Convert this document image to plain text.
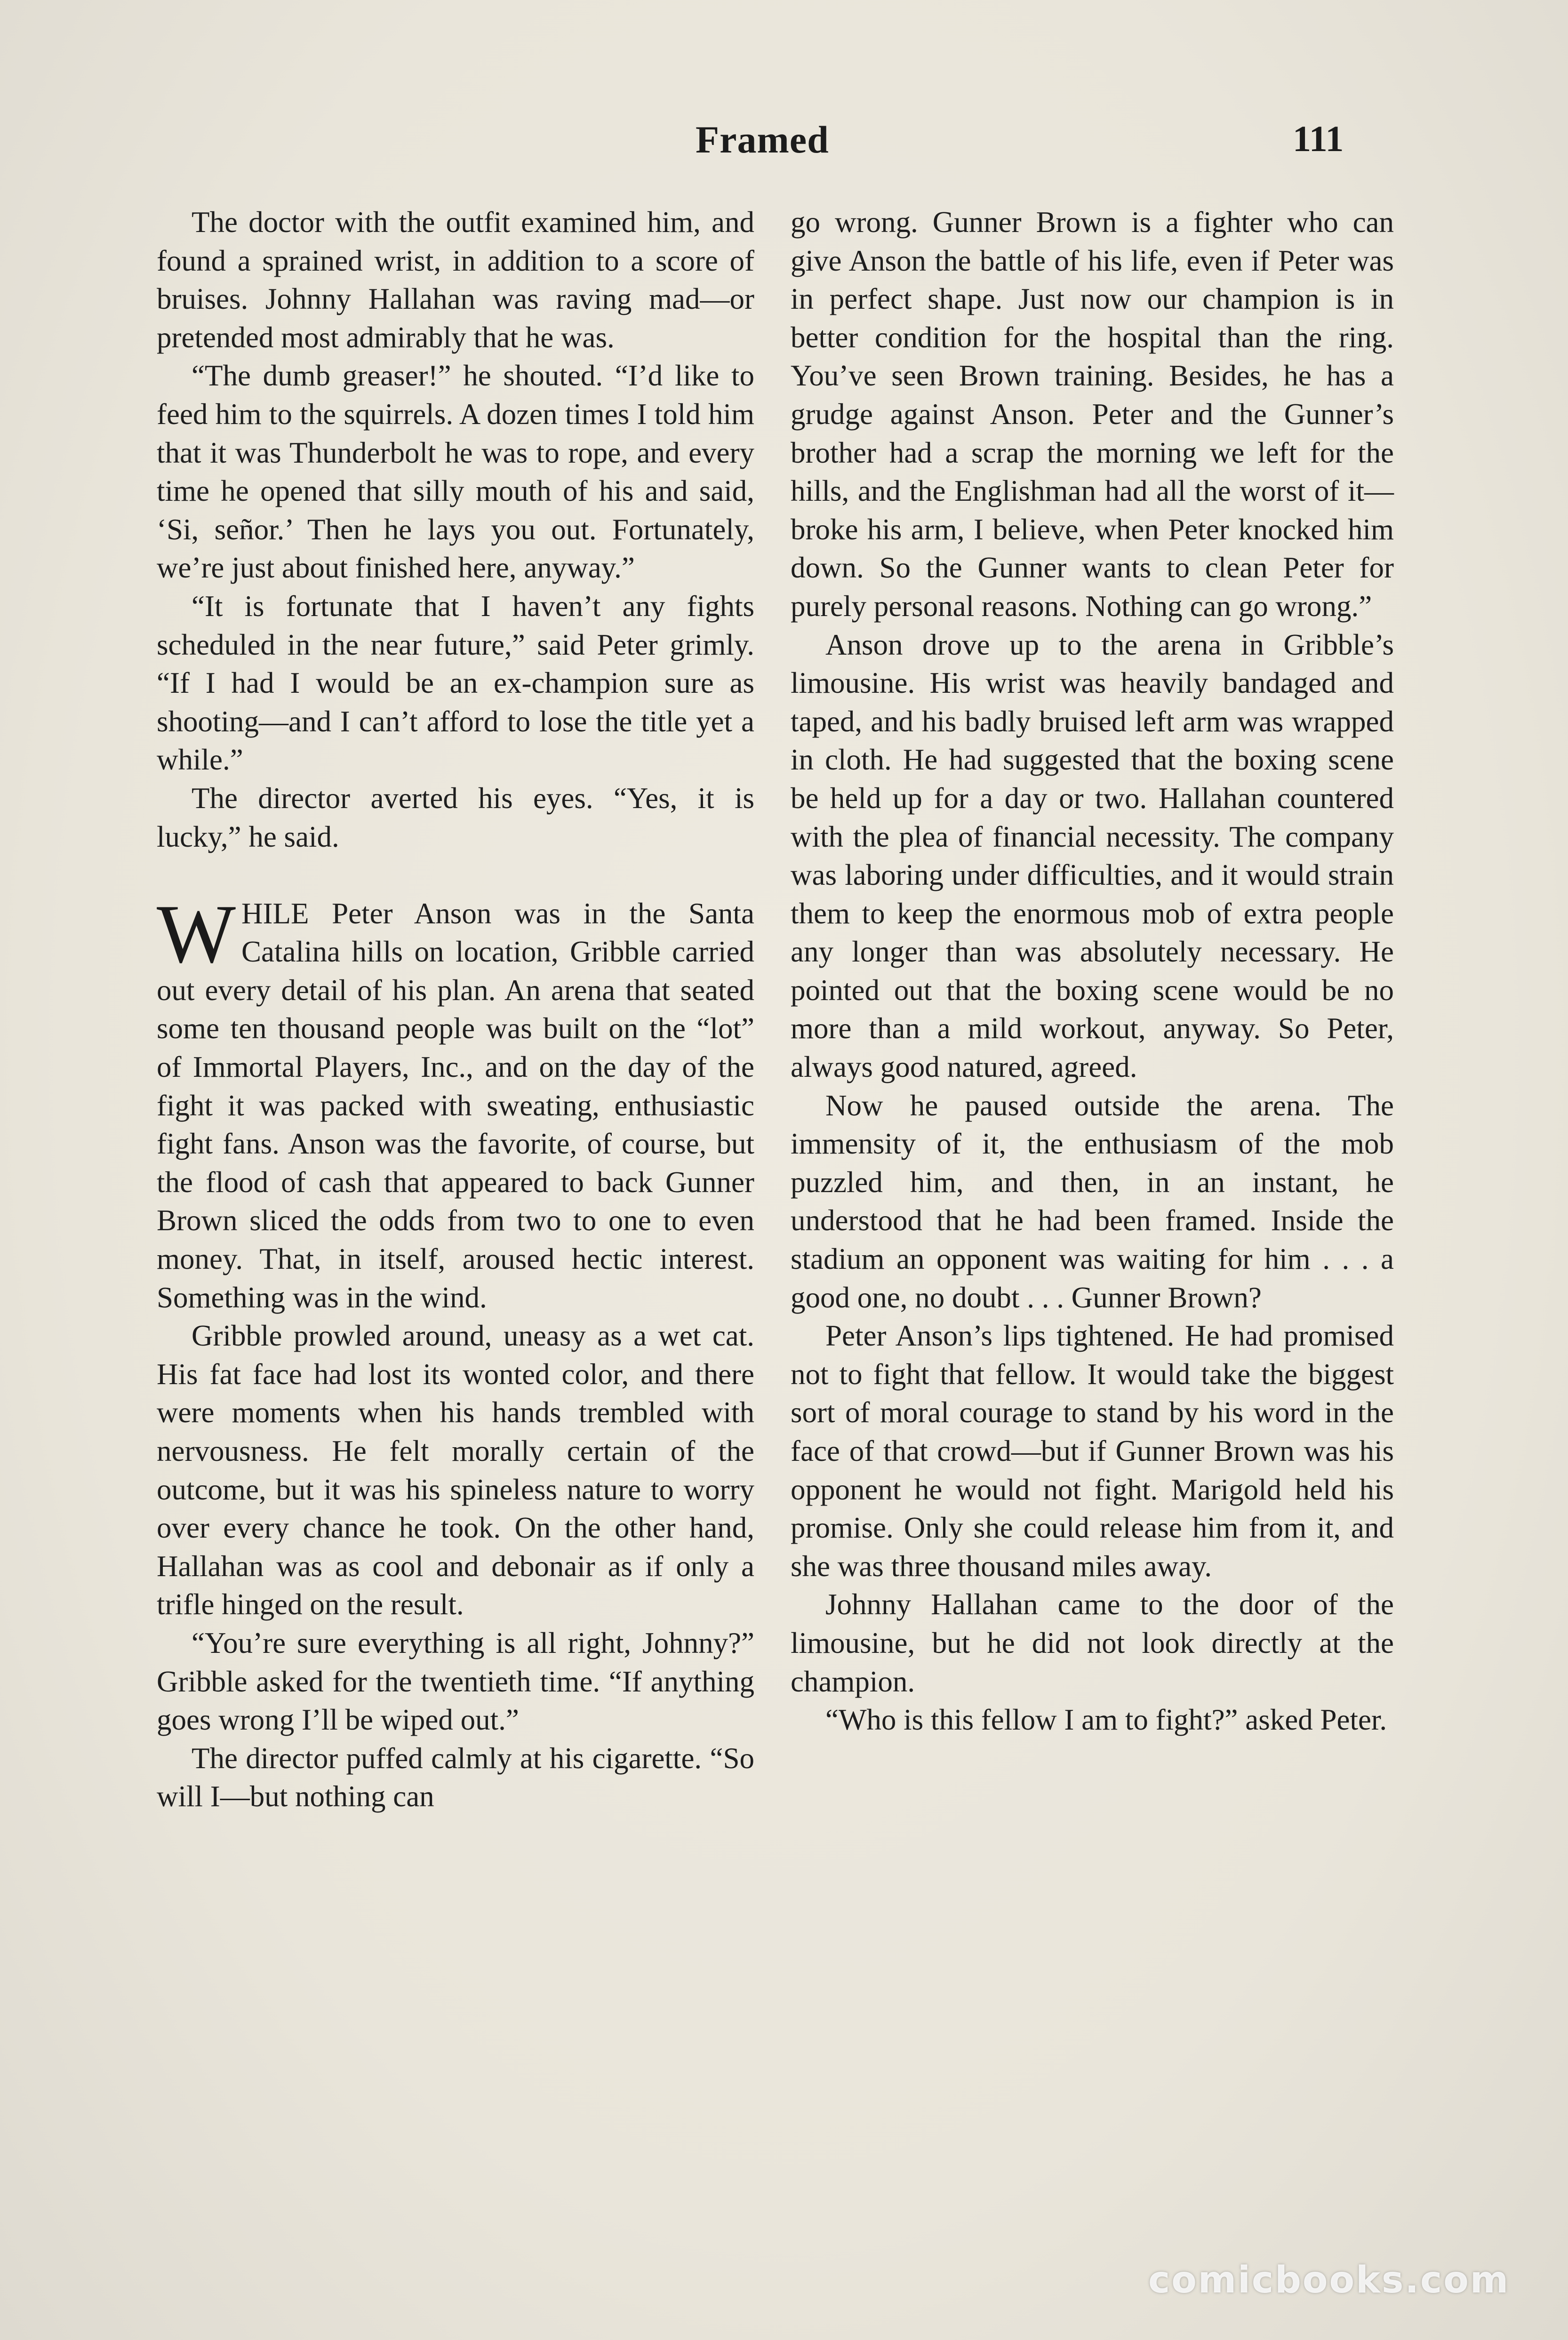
Framed	111

The doctor with the outfit examined him, and found a sprained wrist, in addition to a score of bruises. Johnny Hallahan was raving mad—or pretended most admirably that he was.

“The dumb greaser!” he shouted. “I’d like to feed him to the squirrels. A dozen times I told him that it was Thunderbolt he was to rope, and every time he opened that silly mouth of his and said, ‘Si, señor.’ Then he lays you out. Fortunately, we’re just about finished here, anyway.”

“It is fortunate that I haven’t any fights scheduled in the near future,” said Peter grimly. “If I had I would be an ex-champion sure as shooting—and I can’t afford to lose the title yet a while.”

The director averted his eyes. “Yes, it is lucky,” he said.

WHILE Peter Anson was in the Santa Catalina hills on location, Gribble carried out every detail of his plan. An arena that seated some ten thousand people was built on the “lot” of Immortal Players, Inc., and on the day of the fight it was packed with sweating, enthusiastic fight fans. Anson was the favorite, of course, but the flood of cash that appeared to back Gunner Brown sliced the odds from two to one to even money. That, in itself, aroused hectic interest. Something was in the wind.

Gribble prowled around, uneasy as a wet cat. His fat face had lost its wonted color, and there were moments when his hands trembled with nervousness. He felt morally certain of the outcome, but it was his spineless nature to worry over every chance he took. On the other hand, Hallahan was as cool and debonair as if only a trifle hinged on the result.

“You’re sure everything is all right, Johnny?” Gribble asked for the twentieth time. “If anything goes wrong I’ll be wiped out.”

The director puffed calmly at his cigarette. “So will I—but nothing can

go wrong. Gunner Brown is a fighter who can give Anson the battle of his life, even if Peter was in perfect shape. Just now our champion is in better condition for the hospital than the ring. You’ve seen Brown training. Besides, he has a grudge against Anson. Peter and the Gunner’s brother had a scrap the morning we left for the hills, and the Englishman had all the worst of it—broke his arm, I believe, when Peter knocked him down. So the Gunner wants to clean Peter for purely personal reasons. Nothing can go wrong.”

Anson drove up to the arena in Gribble’s limousine. His wrist was heavily bandaged and taped, and his badly bruised left arm was wrapped in cloth. He had suggested that the boxing scene be held up for a day or two. Hallahan countered with the plea of financial necessity. The company was laboring under difficulties, and it would strain them to keep the enormous mob of extra people any longer than was absolutely necessary. He pointed out that the boxing scene would be no more than a mild workout, anyway. So Peter, always good natured, agreed.

Now he paused outside the arena. The immensity of it, the enthusiasm of the mob puzzled him, and then, in an instant, he understood that he had been framed. Inside the stadium an opponent was waiting for him . . . a good one, no doubt . . . Gunner Brown?

Peter Anson’s lips tightened. He had promised not to fight that fellow. It would take the biggest sort of moral courage to stand by his word in the face of that crowd—but if Gunner Brown was his opponent he would not fight. Marigold held his promise. Only she could release him from it, and she was three thousand miles away.

Johnny Hallahan came to the door of the limousine, but he did not look directly at the champion.

“Who is this fellow I am to fight?” asked Peter.

comicbooks.com
